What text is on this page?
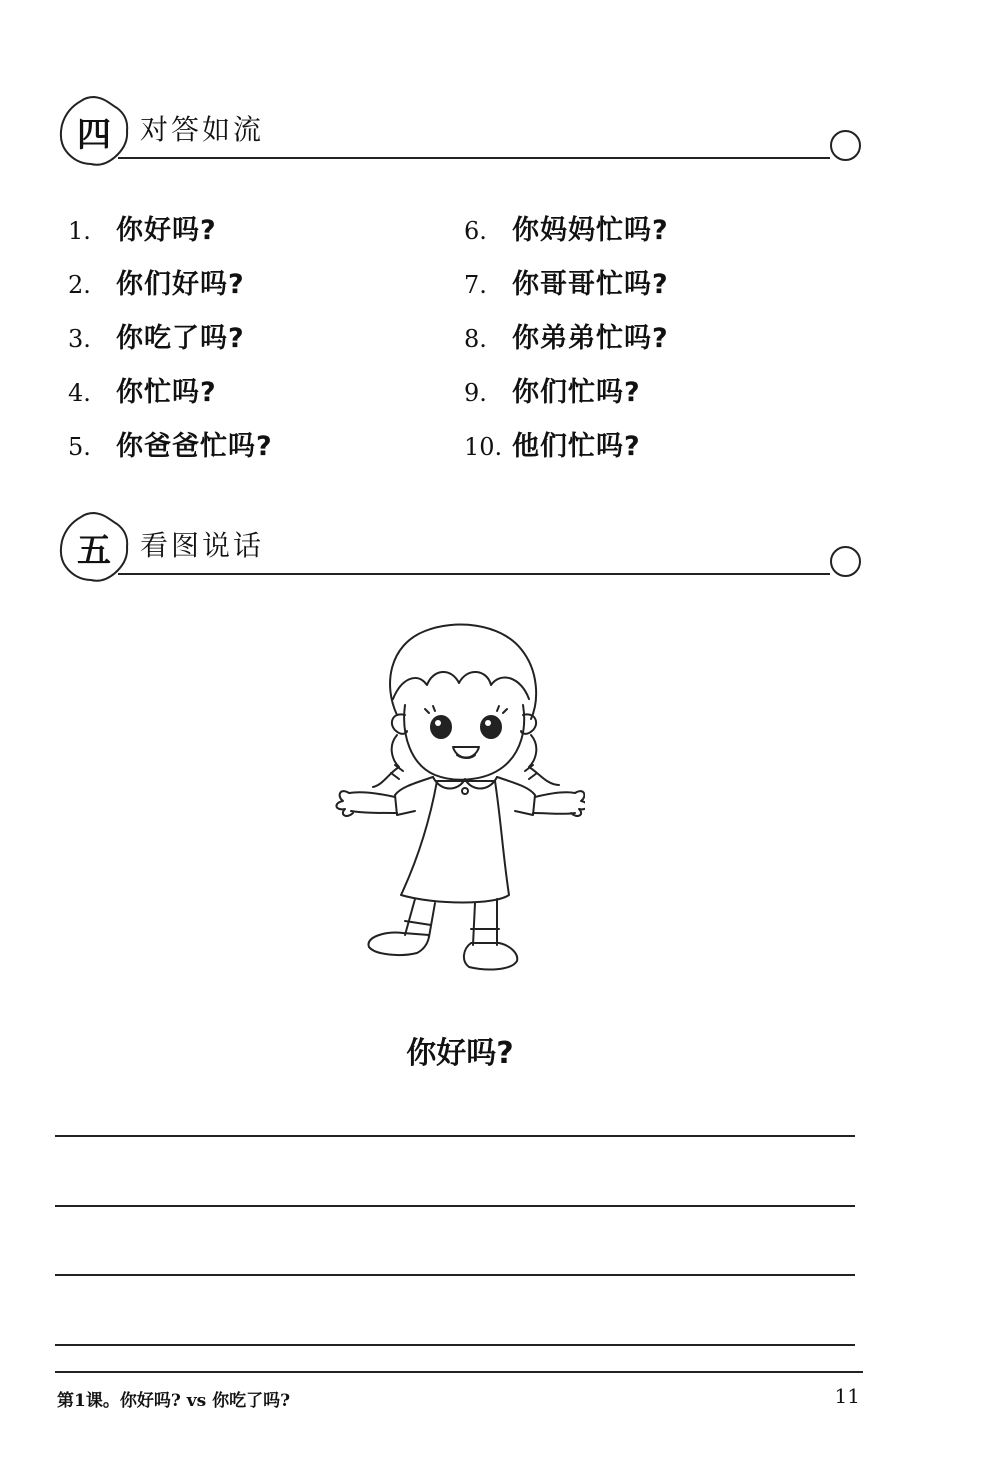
四	对答如流
1. 你好吗?
2. 你们好吗?
3. 你吃了吗?
4. 你忙吗?
5. 你爸爸忙吗?
6. 你妈妈忙吗?
7. 你哥哥忙吗?
8. 你弟弟忙吗?
9. 你们忙吗?
10. 他们忙吗?
五	看图说话
你好吗?
第1课。你好吗? vs 你吃了吗?	11
